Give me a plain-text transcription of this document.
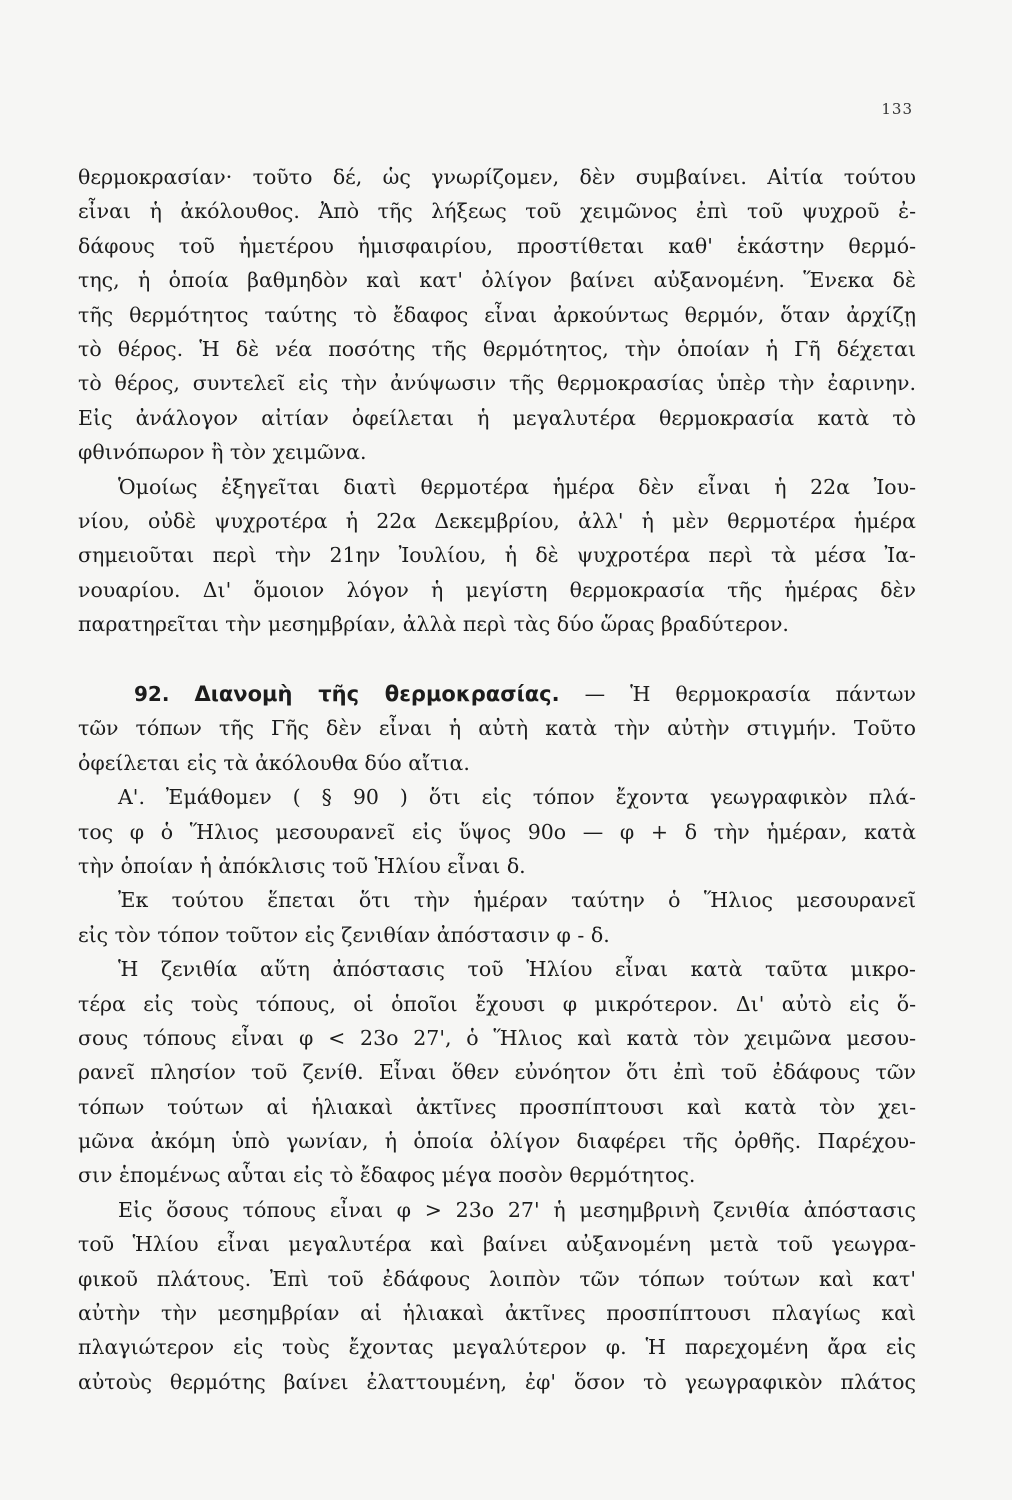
133
θερμοκρασίαν· τοῦτο δέ, ὡς γνωρίζομεν, δὲν συμβαίνει. Αἰτία τούτου
εἶναι ἡ ἀκόλουθος. Ἀπὸ τῆς λήξεως τοῦ χειμῶνος ἐπὶ τοῦ ψυχροῦ ἐ-
δάφους τοῦ ἡμετέρου ἡμισφαιρίου, προστίθεται καθ' ἑκάστην θερμό-
της, ἡ ὁποία βαθμηδὸν καὶ κατ' ὀλίγον βαίνει αὐξανομένη. Ἕνεκα δὲ
τῆς θερμότητος ταύτης τὸ ἔδαφος εἶναι ἀρκούντως θερμόν, ὅταν ἀρχίζῃ
τὸ θέρος. Ἡ δὲ νέα ποσότης τῆς θερμότητος, τὴν ὁποίαν ἡ Γῆ δέχεται
τὸ θέρος, συντελεῖ εἰς τὴν ἀνύψωσιν τῆς θερμοκρασίας ὑπὲρ τὴν ἐαρινην.
Εἰς ἀνάλογον αἰτίαν ὀφείλεται ἡ μεγαλυτέρα θερμοκρασία κατὰ τὸ
φθινόπωρον ἢ τὸν χειμῶνα.
Ὁμοίως ἐξηγεῖται διατὶ θερμοτέρα ἡμέρα δὲν εἶναι ἡ 22α Ἰου-
νίου, οὐδὲ ψυχροτέρα ἡ 22α Δεκεμβρίου, ἀλλ' ἡ μὲν θερμοτέρα ἡμέρα
σημειοῦται περὶ τὴν 21ην Ἰουλίου, ἡ δὲ ψυχροτέρα περὶ τὰ μέσα Ἰα-
νουαρίου. Δι' ὅμοιον λόγον ἡ μεγίστη θερμοκρασία τῆς ἡμέρας δὲν
παρατηρεῖται τὴν μεσημβρίαν, ἀλλὰ περὶ τὰς δύο ὥρας βραδύτερον.
92. Διανομὴ τῆς θερμοκρασίας. — Ἡ θερμοκρασία πάντων
τῶν τόπων τῆς Γῆς δὲν εἶναι ἡ αὐτὴ κατὰ τὴν αὐτὴν στιγμήν. Τοῦτο
ὀφείλεται εἰς τὰ ἀκόλουθα δύο αἴτια.
Α'. Ἐμάθομεν ( § 90 ) ὅτι εἰς τόπον ἔχοντα γεωγραφικὸν πλά-
τος φ ὁ Ἥλιος μεσουρανεῖ εἰς ὕψος 90ο — φ + δ τὴν ἡμέραν, κατὰ
τὴν ὁποίαν ἡ ἀπόκλισις τοῦ Ἡλίου εἶναι δ.
Ἐκ τούτου ἕπεται ὅτι τὴν ἡμέραν ταύτην ὁ Ἥλιος μεσουρανεῖ
εἰς τὸν τόπον τοῦτον εἰς ζενιθίαν ἀπόστασιν φ - δ.
Ἡ ζενιθία αὕτη ἀπόστασις τοῦ Ἡλίου εἶναι κατὰ ταῦτα μικρο-
τέρα εἰς τοὺς τόπους, οἱ ὁποῖοι ἔχουσι φ μικρότερον. Δι' αὐτὸ εἰς ὅ-
σους τόπους εἶναι φ < 23ο 27', ὁ Ἥλιος καὶ κατὰ τὸν χειμῶνα μεσου-
ρανεῖ πλησίον τοῦ ζενίθ. Εἶναι ὅθεν εὐνόητον ὅτι ἐπὶ τοῦ ἐδάφους τῶν
τόπων τούτων αἱ ἡλιακαὶ ἀκτῖνες προσπίπτουσι καὶ κατὰ τὸν χει-
μῶνα ἀκόμη ὑπὸ γωνίαν, ἡ ὁποία ὀλίγον διαφέρει τῆς ὀρθῆς. Παρέχου-
σιν ἑπομένως αὗται εἰς τὸ ἔδαφος μέγα ποσὸν θερμότητος.
Εἰς ὅσους τόπους εἶναι φ > 23ο 27' ἡ μεσημβρινὴ ζενιθία ἀπόστασις
τοῦ Ἡλίου εἶναι μεγαλυτέρα καὶ βαίνει αὐξανομένη μετὰ τοῦ γεωγρα-
φικοῦ πλάτους. Ἐπὶ τοῦ ἐδάφους λοιπὸν τῶν τόπων τούτων καὶ κατ'
αὐτὴν τὴν μεσημβρίαν αἱ ἡλιακαὶ ἀκτῖνες προσπίπτουσι πλαγίως καὶ
πλαγιώτερον εἰς τοὺς ἔχοντας μεγαλύτερον φ. Ἡ παρεχομένη ἄρα εἰς
αὐτοὺς θερμότης βαίνει ἐλαττουμένη, ἐφ' ὅσον τὸ γεωγραφικὸν πλάτος
